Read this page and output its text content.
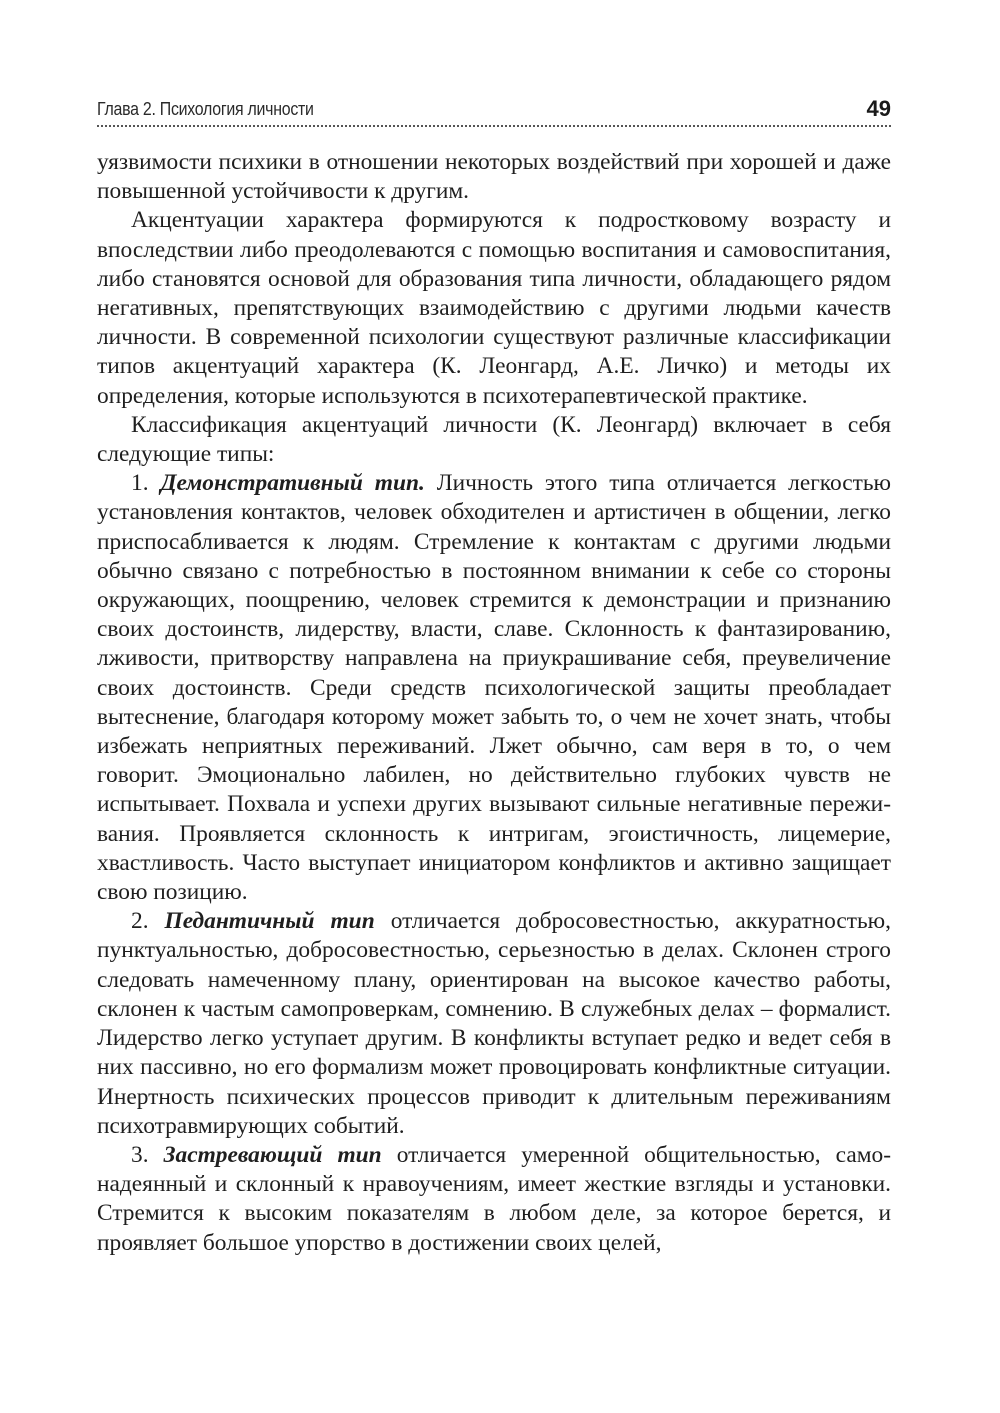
Глава 2. Психология личности	49

уязвимости психики в отношении некоторых воздействий при хорошей и даже повышенной устойчивости к другим.

Акцентуации характера формируются к подростковому возрасту и впоследствии либо преодолеваются с помощью воспитания и самовоспитания, либо становятся основой для образования типа личности, обладающего рядом негативных, препятствующих взаимодействию с другими людьми качеств личности. В современной психологии существуют различные классификации типов акцентуаций характера (К. Леонгард, А.Е. Личко) и методы их определения, которые используются в психотерапевтической практике.

Классификация акцентуаций личности (К. Леонгард) включает в себя следующие типы:

1. Демонстративный тип. Личность этого типа отличается легкостью установления контактов, человек обходителен и артистичен в общении, легко приспосабливается к людям. Стремление к контактам с другими людьми обычно связано с потребностью в постоянном внимании к себе со стороны окружающих, поощрению, человек стремится к демонстрации и признанию своих достоинств, лидерству, власти, славе. Склонность к фантазированию, лживости, притворству направлена на приукрашивание себя, преувеличение своих достоинств. Среди средств психологической защиты преобладает вытеснение, благодаря которому может забыть то, о чем не хочет знать, чтобы избежать неприятных переживаний. Лжет обычно, сам веря в то, о чем говорит. Эмоционально лабилен, но действительно глубоких чувств не испытывает. Похвала и успехи других вызывают сильные негативные переживания. Проявляется склонность к интригам, эгоистичность, лицемерие, хвастливость. Часто выступает инициатором конфликтов и активно защищает свою позицию.

2. Педантичный тип отличается добросовестностью, аккуратностью, пунктуальностью, добросовестностью, серьезностью в делах. Склонен строго следовать намеченному плану, ориентирован на высокое качество работы, склонен к частым самопроверкам, сомнению. В служебных делах – формалист. Лидерство легко уступает другим. В конфликты вступает редко и ведет себя в них пассивно, но его формализм может провоцировать конфликтные ситуации. Инертность психических процессов приводит к длительным переживаниям психотравмирующих событий.

3. Застревающий тип отличается умеренной общительностью, самонадеянный и склонный к нравоучениям, имеет жесткие взгляды и установки. Стремится к высоким показателям в любом деле, за которое берется, и проявляет большое упорство в достижении своих целей,
